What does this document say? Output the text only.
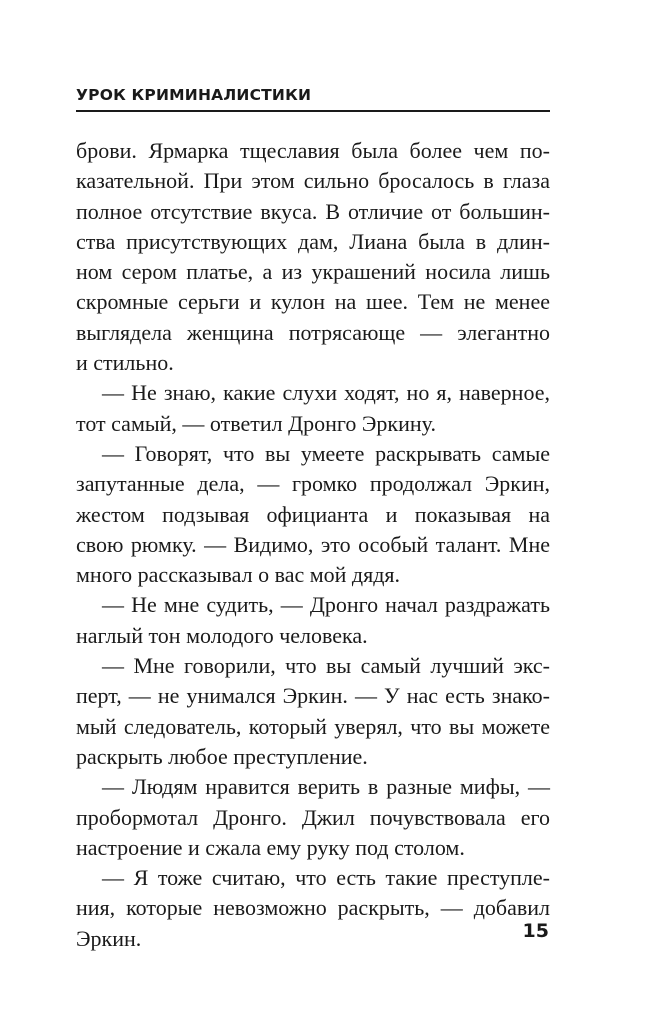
УРОК КРИМИНАЛИСТИКИ

брови. Ярмарка тщеславия была более чем по-
казательной. При этом сильно бросалось в глаза
полное отсутствие вкуса. В отличие от большин-
ства присутствующих дам, Лиана была в длин-
ном сером платье, а из украшений носила лишь
скромные серьги и кулон на шее. Тем не менее
выглядела женщина потрясающе — элегантно
и стильно.

— Не знаю, какие слухи ходят, но я, наверное,
тот самый, — ответил Дронго Эркину.

— Говорят, что вы умеете раскрывать самые
запутанные дела, — громко продолжал Эркин,
жестом подзывая официанта и показывая на
свою рюмку. — Видимо, это особый талант. Мне
много рассказывал о вас мой дядя.

— Не мне судить, — Дронго начал раздражать
наглый тон молодого человека.

— Мне говорили, что вы самый лучший экс-
перт, — не унимался Эркин. — У нас есть знако-
мый следователь, который уверял, что вы можете
раскрыть любое преступление.

— Людям нравится верить в разные мифы, —
пробормотал Дронго. Джил почувствовала его
настроение и сжала ему руку под столом.

— Я тоже считаю, что есть такие преступле-
ния, которые невозможно раскрыть, — добавил
Эркин.	15
